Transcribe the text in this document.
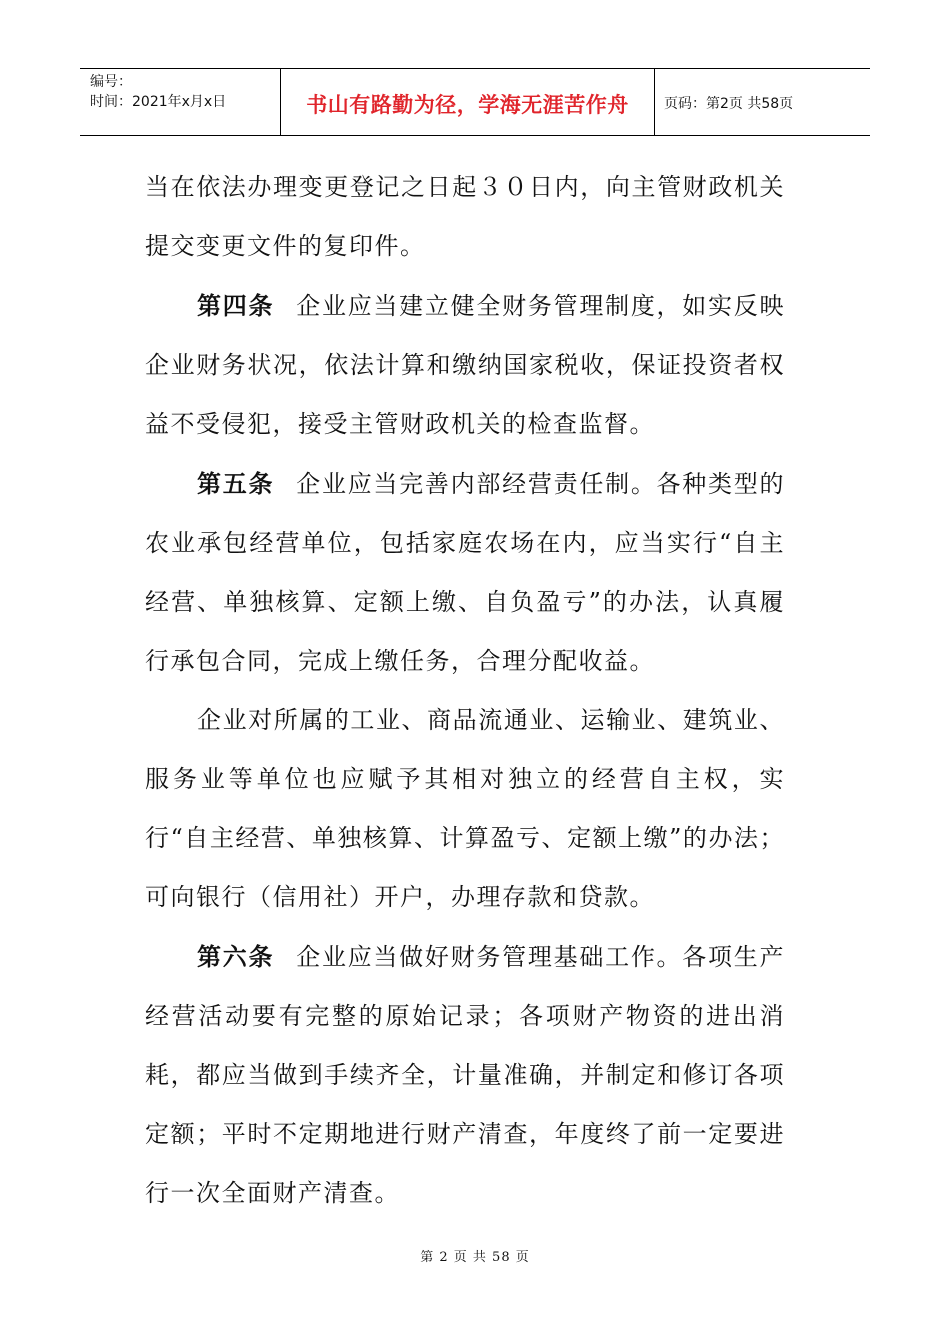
编号：
时间：2021年x月x日	书山有路勤为径，学海无涯苦作舟	页码：第2页 共58页

当在依法办理变更登记之日起３０日内，向主管财政机关提交变更文件的复印件。

第四条 企业应当建立健全财务管理制度，如实反映企业财务状况，依法计算和缴纳国家税收，保证投资者权益不受侵犯，接受主管财政机关的检查监督。

第五条 企业应当完善内部经营责任制。各种类型的农业承包经营单位，包括家庭农场在内，应当实行“自主经营、单独核算、定额上缴、自负盈亏”的办法，认真履行承包合同，完成上缴任务，合理分配收益。

企业对所属的工业、商品流通业、运输业、建筑业、服务业等单位也应赋予其相对独立的经营自主权，实行“自主经营、单独核算、计算盈亏、定额上缴”的办法；可向银行（信用社）开户，办理存款和贷款。

第六条 企业应当做好财务管理基础工作。各项生产经营活动要有完整的原始记录；各项财产物资的进出消耗，都应当做到手续齐全，计量准确，并制定和修订各项定额；平时不定期地进行财产清查，年度终了前一定要进行一次全面财产清查。

第 2 页 共 58 页
